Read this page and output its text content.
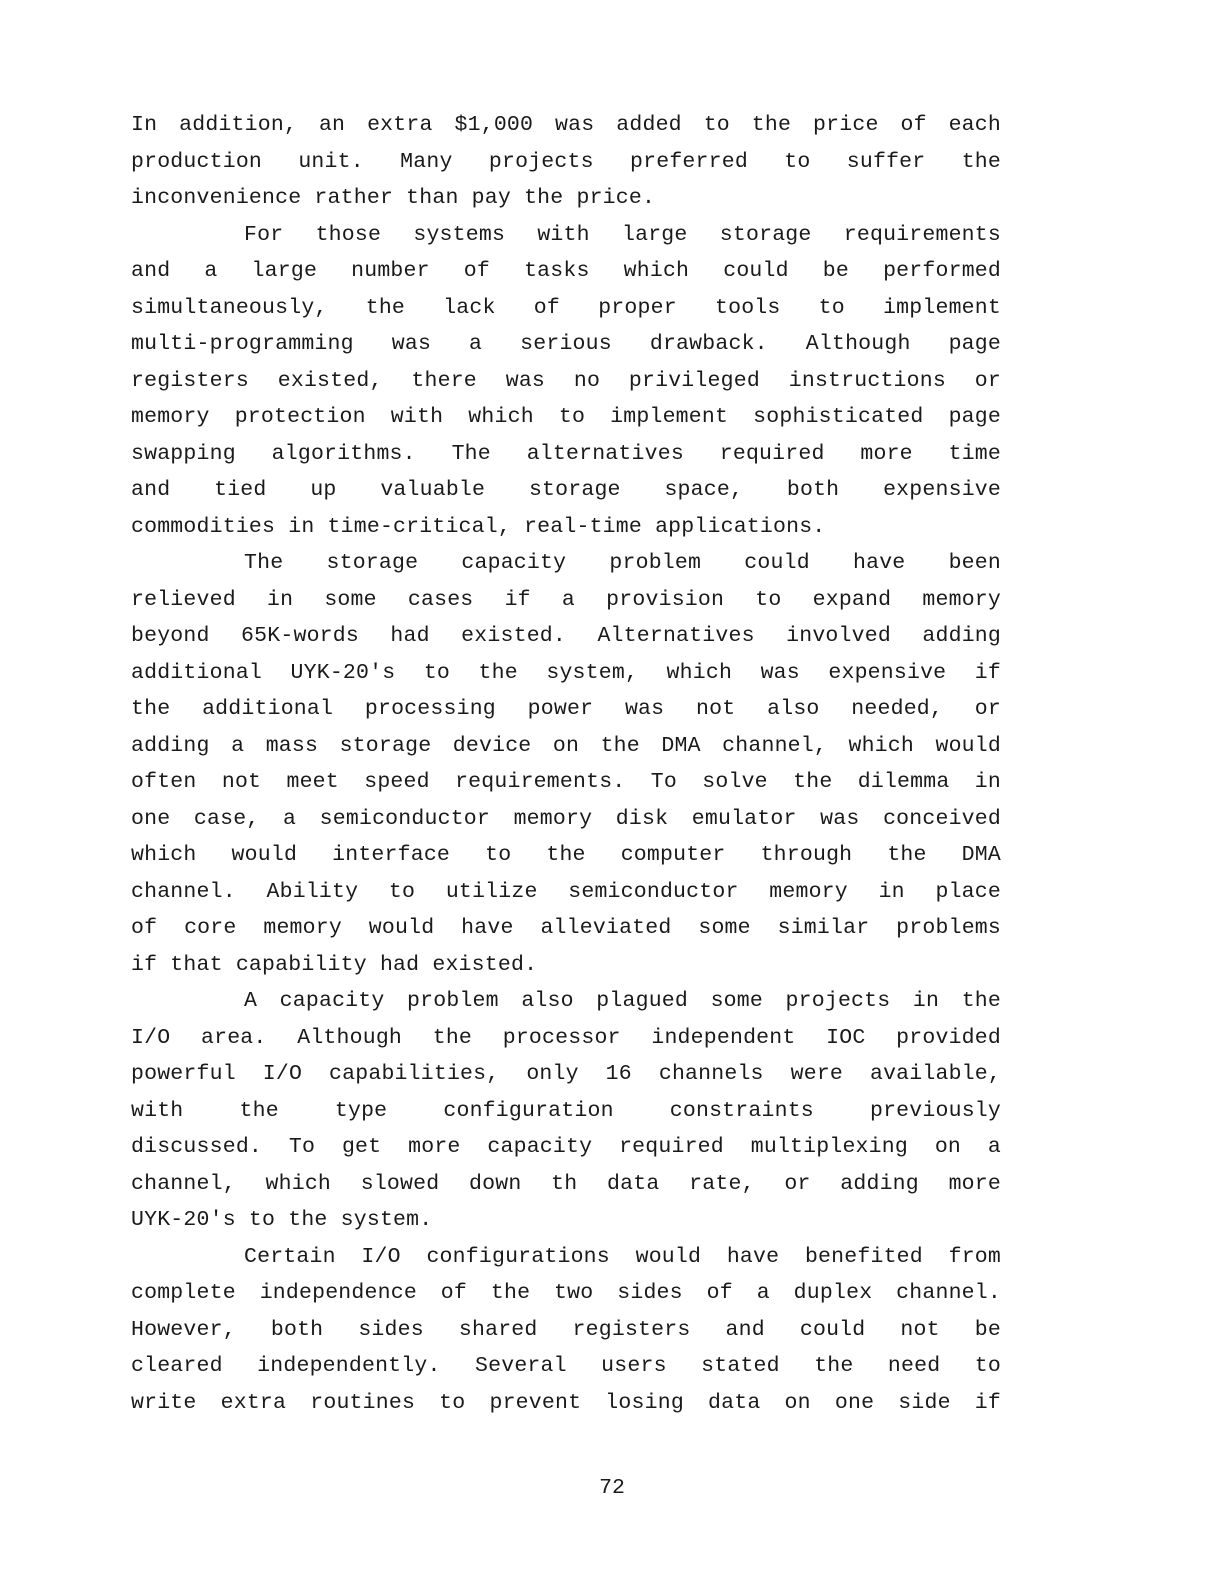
In addition, an extra $1,000 was added to the price of each
production unit. Many projects preferred to suffer the
inconvenience rather than pay the price.
For those systems with large storage requirements
and a large number of tasks which could be performed
simultaneously, the lack of proper tools to implement
multi-programming was a serious drawback. Although page
registers existed, there was no privileged instructions or
memory protection with which to implement sophisticated page
swapping algorithms. The alternatives required more time
and tied up valuable storage space, both expensive
commodities in time-critical, real-time applications.
The storage capacity problem could have been
relieved in some cases if a provision to expand memory
beyond 65K-words had existed. Alternatives involved adding
additional UYK-20's to the system, which was expensive if
the additional processing power was not also needed, or
adding a mass storage device on the DMA channel, which would
often not meet speed requirements. To solve the dilemma in
one case, a semiconductor memory disk emulator was conceived
which would interface to the computer through the DMA
channel. Ability to utilize semiconductor memory in place
of core memory would have alleviated some similar problems
if that capability had existed.
A capacity problem also plagued some projects in the
I/O area. Although the processor independent IOC provided
powerful I/O capabilities, only 16 channels were available,
with the type configuration constraints previously
discussed. To get more capacity required multiplexing on a
channel, which slowed down th data rate, or adding more
UYK-20's to the system.
Certain I/O configurations would have benefited from
complete independence of the two sides of a duplex channel.
However, both sides shared registers and could not be
cleared independently. Several users stated the need to
write extra routines to prevent losing data on one side if
72
